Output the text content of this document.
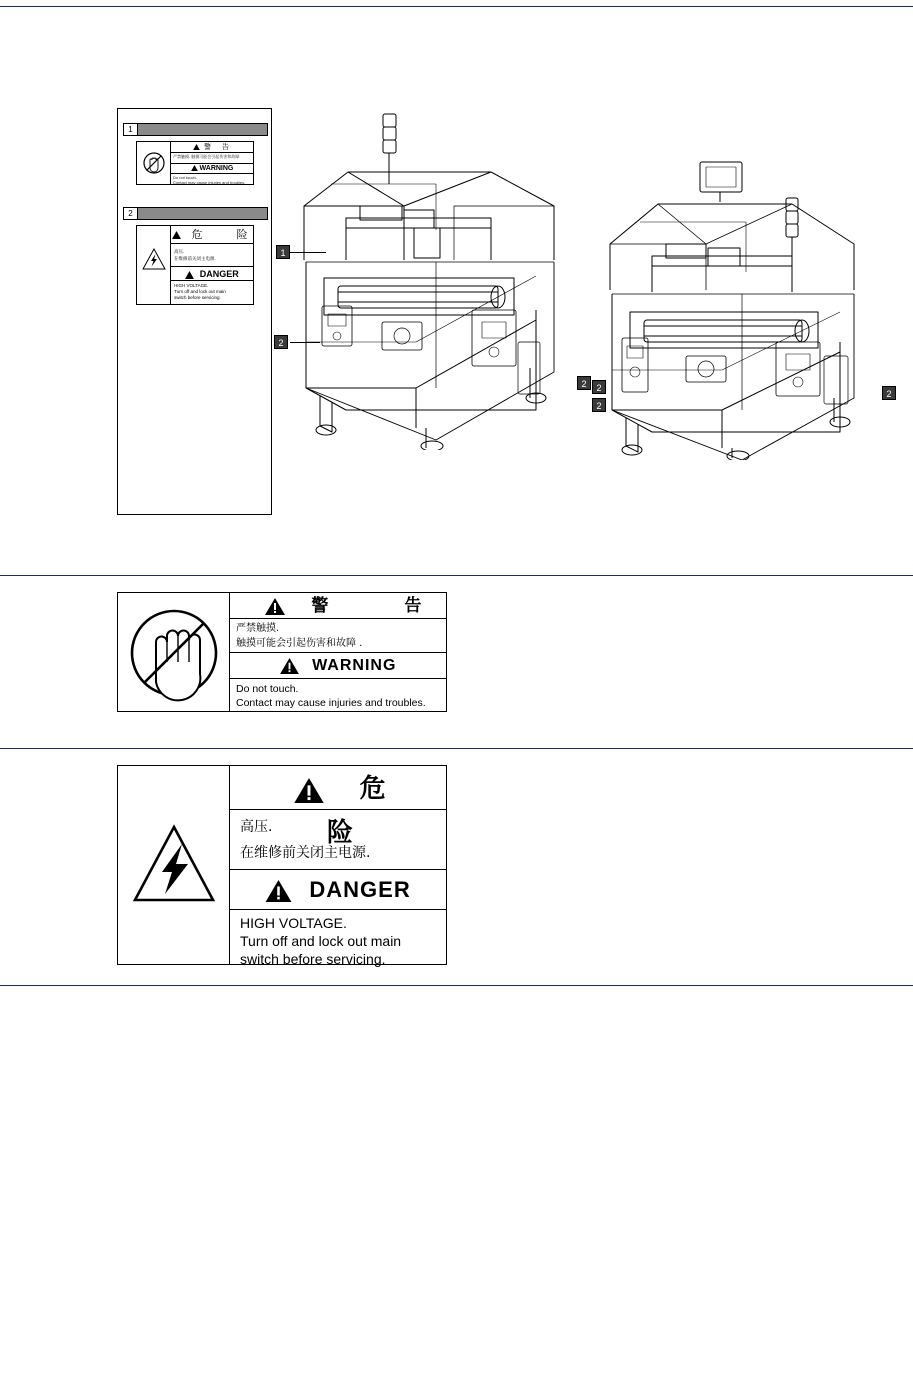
1
警　告
严禁触摸. 触摸可能会引起伤害和故障.
WARNING
Do not touch.
Contact may cause injuries and troubles.
2
危　　险
高压.
在维修前关闭主电源.
DANGER
HIGH VOLTAGE.
Turn off and lock out main
switch before servicing.
1
2
2	2
2
2
警　　告
严禁触摸.
触摸可能会引起伤害和故障 .
WARNING
Do not touch.
Contact may cause injuries and troubles.
危　　险
高压.
在维修前关闭主电源.
DANGER
HIGH VOLTAGE.
Turn off and lock out main
switch before servicing.
